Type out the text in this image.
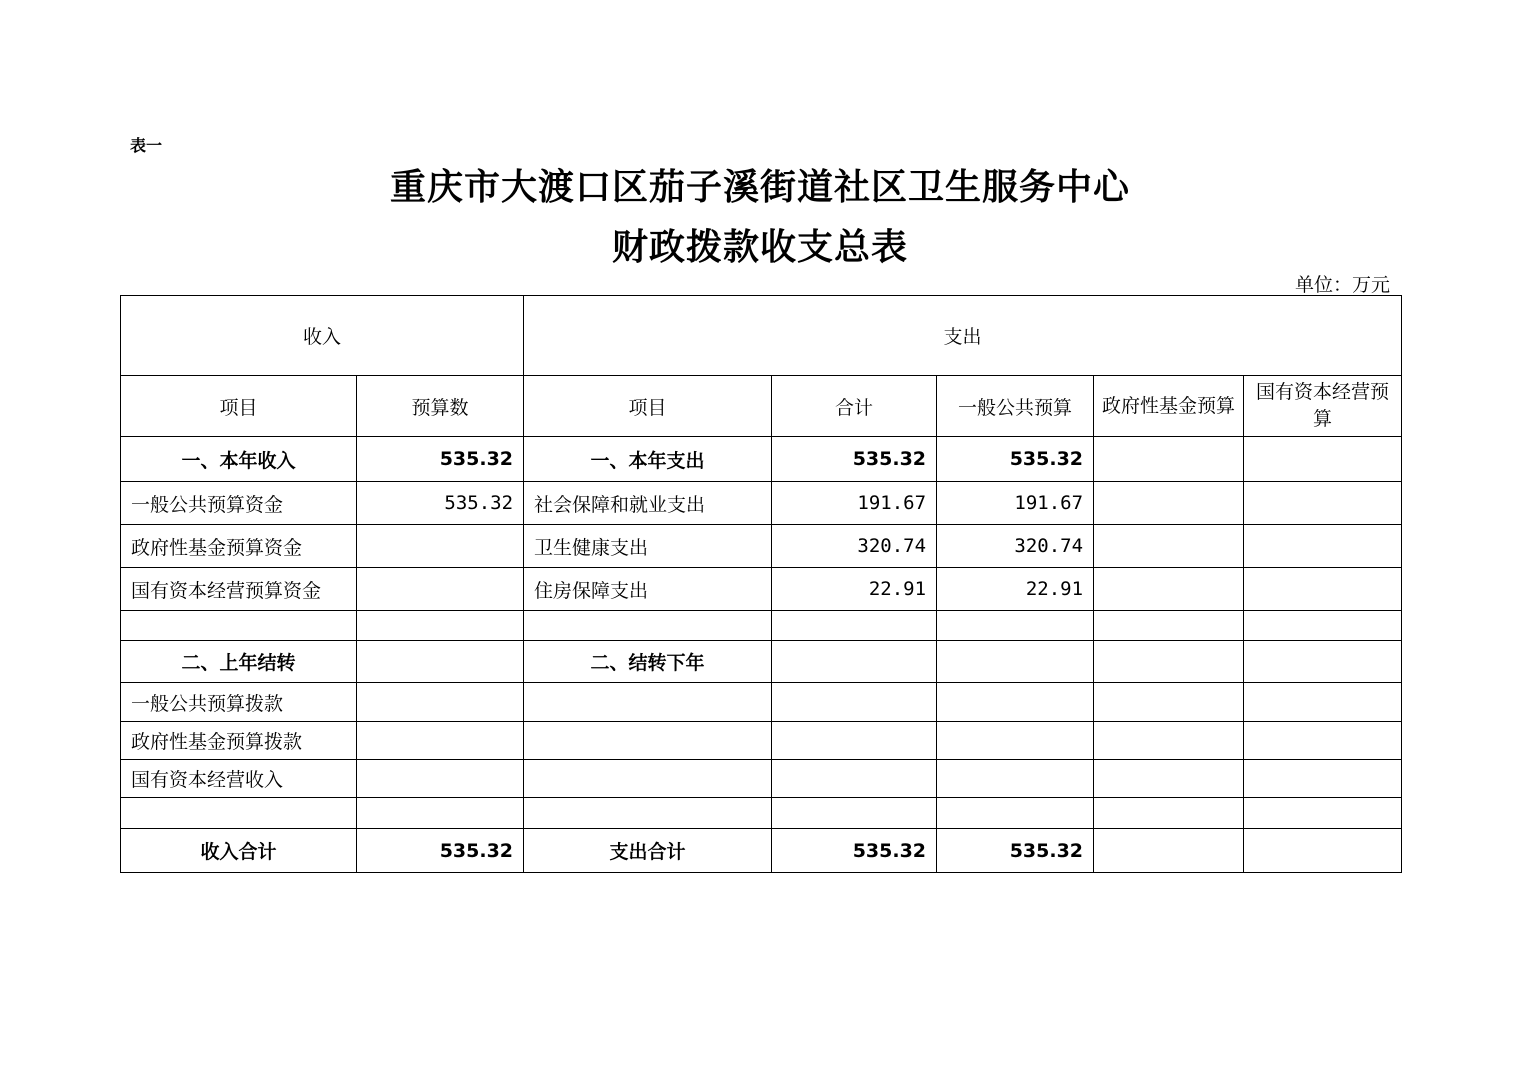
表一
重庆市大渡口区茄子溪街道社区卫生服务中心
财政拨款收支总表
单位：万元
收入		支出				
项目	预算数	项目	合计	一般公共预算	政府性基金预算	国有资本经营预算
一、本年收入	535.32	一、本年支出	535.32	535.32		
一般公共预算资金	535.32	社会保障和就业支出	191.67	191.67		
政府性基金预算资金		卫生健康支出	320.74	320.74		
国有资本经营预算资金		住房保障支出	22.91	22.91		

二、上年结转		二、结转下年				
一般公共预算拨款						
政府性基金预算拨款						
国有资本经营收入						

收入合计	535.32	支出合计	535.32	535.32		
